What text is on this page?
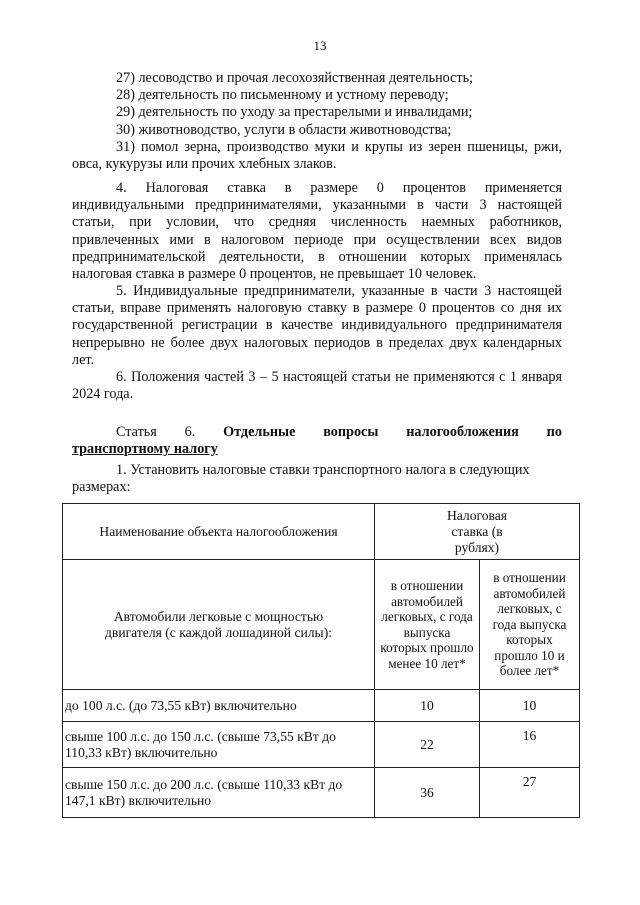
13

27) лесоводство и прочая лесохозяйственная деятельность;

28) деятельность по письменному и устному переводу;

29) деятельность по уходу за престарелыми и инвалидами;

30) животноводство, услуги в области животноводства;

31) помол зерна, производство муки и крупы из зерен пшеницы, ржи, овса, кукурузы или прочих хлебных злаков.

4. Налоговая ставка в размере 0 процентов применяется индивидуальными предпринимателями, указанными в части 3 настоящей статьи, при условии, что средняя численность наемных работников, привлеченных ими в налоговом периоде при осуществлении всех видов предпринимательской деятельности, в отношении которых применялась налоговая ставка в размере 0 процентов, не превышает 10 человек.

5. Индивидуальные предприниматели, указанные в части 3 настоящей статьи, вправе применять налоговую ставку в размере 0 процентов со дня их государственной регистрации в качестве индивидуального предпринимателя непрерывно не более двух налоговых периодов в пределах двух календарных лет.

6. Положения частей 3 – 5 настоящей статьи не применяются с 1 января 2024 года.

Статья 6. Отдельные вопросы налогообложения по
транспортному налогу

1. Установить налоговые ставки транспортного налога в следующих размерах:

Наименование объекта налогообложения	Налоговая ставка (в рублях)	

Автомобили легковые с мощностью двигателя (с каждой лошадиной силы):	в отношении автомобилей легковых, с года выпуска которых прошло менее 10 лет*	в отношении автомобилей легковых, с года выпуска которых прошло 10 и более лет*

до 100 л.с. (до 73,55 кВт) включительно	10	10
свыше 100 л.с. до 150 л.с. (свыше 73,55 кВт до 110,33 кВт) включительно	22	16
свыше 150 л.с. до 200 л.с. (свыше 110,33 кВт до 147,1 кВт) включительно	36	27
